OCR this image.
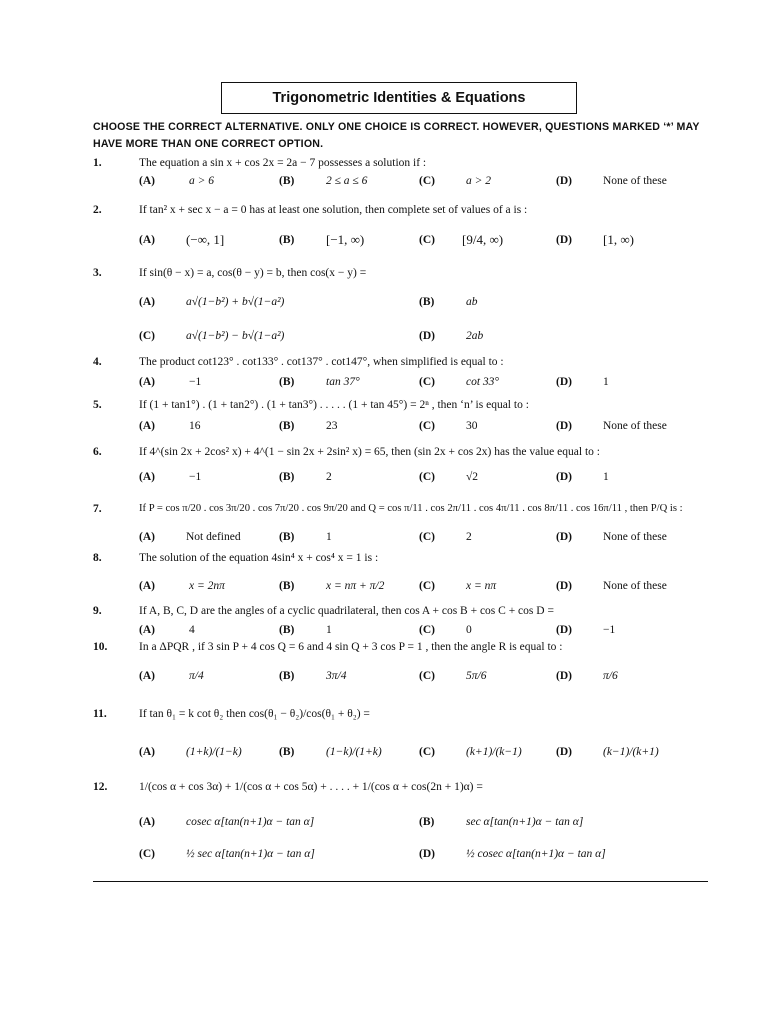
Trigonometric Identities & Equations
CHOOSE THE CORRECT ALTERNATIVE. ONLY ONE CHOICE IS CORRECT. HOWEVER, QUESTIONS MARKED ‘*’ MAY HAVE MORE THAN ONE CORRECT OPTION.
1.	The equation a sin x + cos 2x = 2a − 7 possesses a solution if :
(A)	a > 6	(B)	2 ≤ a ≤ 6	(C)	a > 2	(D)	None of these
2.	If tan² x + sec x − a = 0 has at least one solution, then complete set of values of a is :
(A) (−∞, 1]	(B) [−1, ∞)	(C) [9/4, ∞)	(D) [1, ∞)
3.	If sin(θ − x) = a, cos(θ − y) = b, then cos(x − y) =
(A)	a√(1−b²) + b√(1−a²)	(B)	ab
(C)	a√(1−b²) − b√(1−a²)	(D)	2ab
4.	The product cot123° . cot133° . cot137° . cot147°, when simplified is equal to :
(A)	−1	(B)	tan 37°	(C)	cot 33°	(D)	1
5.	If (1 + tan1°) . (1 + tan2°) . (1 + tan3°) . . . . . (1 + tan 45°) = 2ⁿ , then ‘n’ is equal to :
(A)	16	(B)	23	(C)	30	(D)	None of these
6.	If 4^(sin 2x + 2cos² x) + 4^(1 − sin 2x + 2sin² x) = 65, then (sin 2x + cos 2x) has the value equal to :
(A)	−1	(B)	2	(C)	√2	(D)	1
7.	If P = cos π/20 . cos 3π/20 . cos 7π/20 . cos 9π/20 and Q = cos π/11 . cos 2π/11 . cos 4π/11 . cos 8π/11 . cos 16π/11 , then P/Q is :
(A)	Not defined	(B)	1	(C)	2	(D)	None of these
8.	The solution of the equation 4sin⁴ x + cos⁴ x = 1 is :
(A)	x = 2nπ	(B)	x = nπ + π/2	(C)	x = nπ	(D)	None of these
9.	If A, B, C, D are the angles of a cyclic quadrilateral, then cos A + cos B + cos C + cos D =
(A)	4	(B)	1	(C)	0	(D)	−1
10.	In a ΔPQR , if 3 sin P + 4 cos Q = 6 and 4 sin Q + 3 cos P = 1 , then the angle R is equal to :
(A)	π/4	(B)	3π/4	(C)	5π/6	(D)	π/6
11.	If tan θ₁ = k cot θ₂ then cos(θ₁ − θ₂)/cos(θ₁ + θ₂) =
(A)	(1+k)/(1−k)	(B)	(1−k)/(1+k)	(C)	(k+1)/(k−1)	(D)	(k−1)/(k+1)
12.	1/(cos α + cos 3α) + 1/(cos α + cos 5α) + . . . . + 1/(cos α + cos(2n + 1)α) =
(A)	cosec α[tan(n+1)α − tan α]	(B)	sec α[tan(n+1)α − tan α]
(C)	½ sec α[tan(n+1)α − tan α]	(D)	½ cosec α[tan(n+1)α − tan α]
